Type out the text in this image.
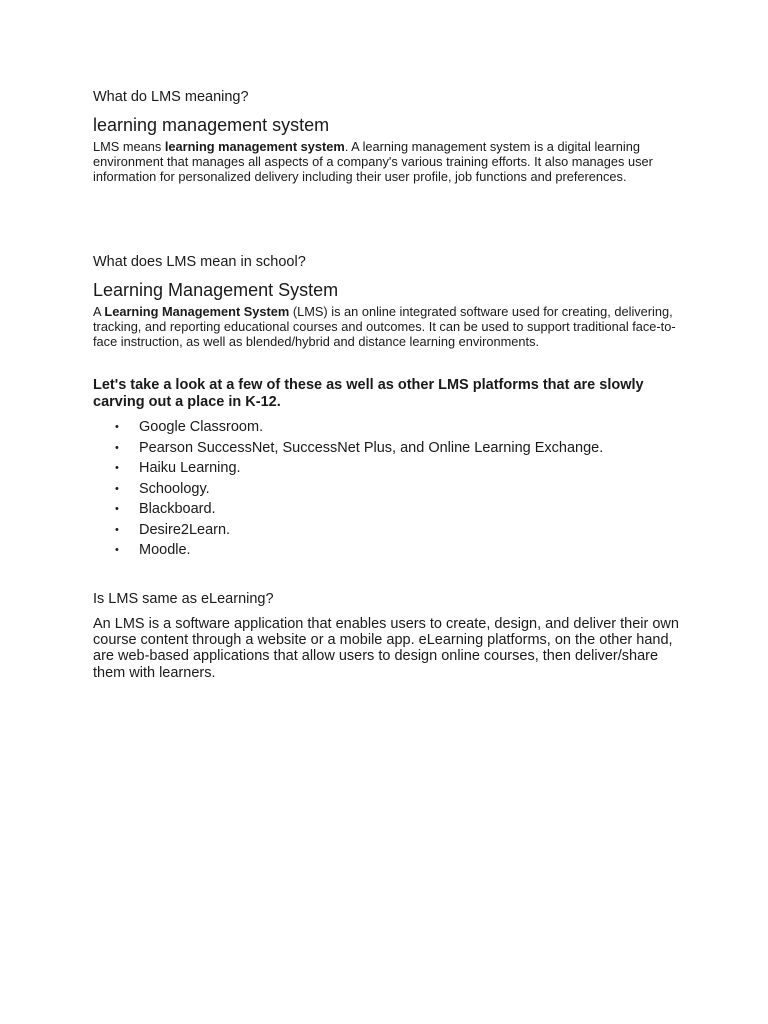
What do LMS meaning?
learning management system
LMS means learning management system. A learning management system is a digital learning environment that manages all aspects of a company's various training efforts. It also manages user information for personalized delivery including their user profile, job functions and preferences.
What does LMS mean in school?
Learning Management System
A Learning Management System (LMS) is an online integrated software used for creating, delivering, tracking, and reporting educational courses and outcomes. It can be used to support traditional face-to-face instruction, as well as blended/hybrid and distance learning environments.
Let's take a look at a few of these as well as other LMS platforms that are slowly carving out a place in K-12.
• Google Classroom.
• Pearson SuccessNet, SuccessNet Plus, and Online Learning Exchange.
• Haiku Learning.
• Schoology.
• Blackboard.
• Desire2Learn.
• Moodle.
Is LMS same as eLearning?
An LMS is a software application that enables users to create, design, and deliver their own course content through a website or a mobile app. eLearning platforms, on the other hand, are web-based applications that allow users to design online courses, then deliver/share them with learners.
